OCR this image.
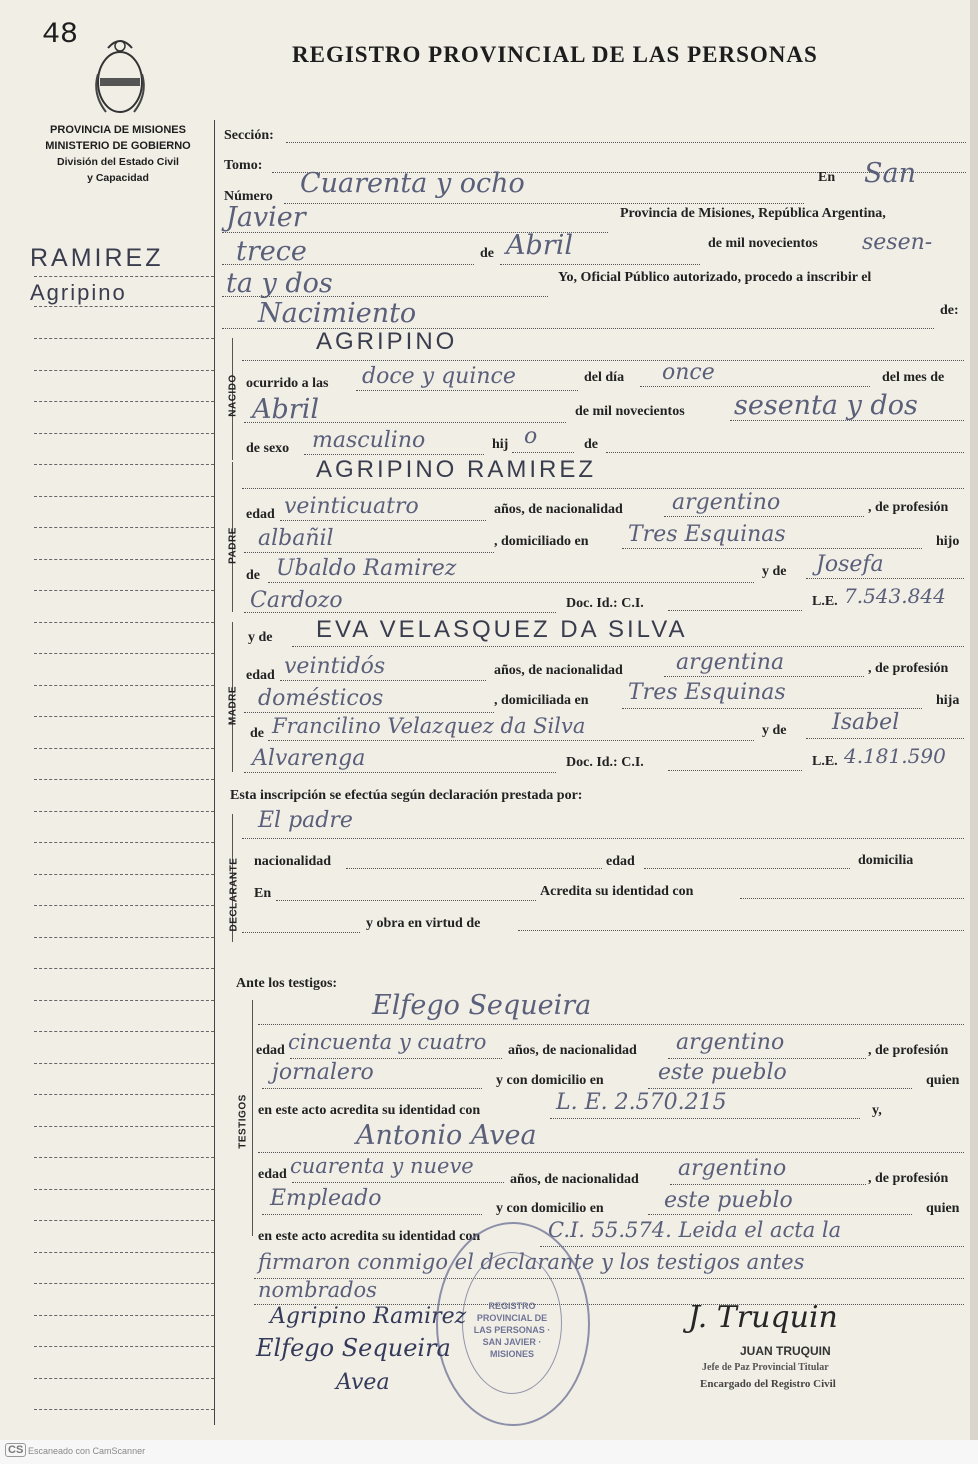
48
REGISTRO PROVINCIAL DE LAS PERSONAS
PROVINCIA DE MISIONES
MINISTERIO DE GOBIERNO
División del Estado Civil
y Capacidad
RAMIREZ
Agripino
Sección:
Tomo:
Número Cuarenta y ocho	En San
Javier	Provincia de Misiones, República Argentina,
trece	de Abril	de mil novecientos sesen-
ta y dos	Yo, Oficial Público autorizado, procedo a inscribir el
Nacimiento	de:
NACIDO
AGRIPINO
ocurrido a las doce y quince	del día once	del mes de
Abril	de mil novecientos sesenta y dos
de sexo masculino	hij o	de
PADRE
AGRIPINO RAMIREZ
edad veinticuatro	años, de nacionalidad argentino	, de profesión
albañil	, domiciliado en Tres Esquinas	hijo
de Ubaldo Ramirez	y de Josefa
Cardozo	Doc. Id.: C.I.	L.E. 7.543.844
MADRE
y de EVA VELASQUEZ DA SILVA
edad veintidós	años, de nacionalidad argentina	, de profesión
domésticos	, domiciliada en Tres Esquinas	hija
de Francilino Velazquez da Silva	y de Isabel
Alvarenga	Doc. Id.: C.I.	L.E. 4.181.590
Esta inscripción se efectúa según declaración prestada por:
El padre
DECLARANTE nacionalidad	edad	domicilia
En	Acredita su identidad con
y obra en virtud de
Ante los testigos:
TESTIGOS
Elfego Sequeira
edad cincuenta y cuatro años, de nacionalidad argentino	, de profesión
jornalero	y con domicilio en este pueblo	quien
en este acto acredita su identidad con	L. E. 2.570.215	y,
Antonio Avea
edad cuarenta y nueve
años, de nacionalidad argentino	, de profesión
Empleado	y con domicilio en	este pueblo	quien
en este acto acredita su identidad con	C.I. 55.574. Leida el acta la
firmaron conmigo el declarante y los testigos antes
nombrados
REGISTRO PROVINCIAL DE LAS PERSONAS · SAN JAVIER · MISIONES
Agripino Ramirez
Elfego Sequeira
Avea
J. Truquin
JUAN TRUQUIN
Jefe de Paz Provincial Titular
Encargado del Registro Civil
CS Escaneado con CamScanner
